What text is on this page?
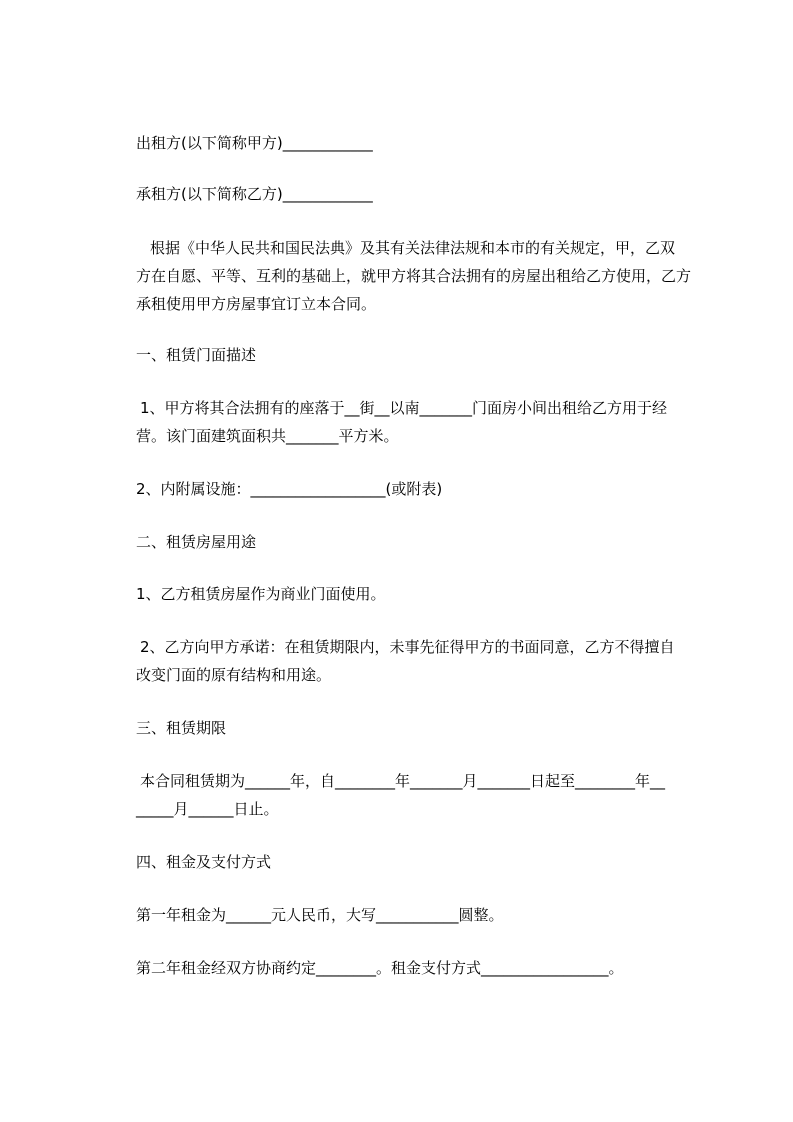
出租方(以下简称甲方)____________
承租方(以下简称乙方)____________
根据《中华人民共和国民法典》及其有关法律法规和本市的有关规定，甲，乙双
方在自愿、平等、互利的基础上，就甲方将其合法拥有的房屋出租给乙方使用，乙方
承租使用甲方房屋事宜订立本合同。
一、租赁门面描述
1、甲方将其合法拥有的座落于__街__以南_______门面房小间出租给乙方用于经
营。该门面建筑面积共_______平方米。
2、内附属设施：__________________(或附表)
二、租赁房屋用途
1、乙方租赁房屋作为商业门面使用。
2、乙方向甲方承诺：在租赁期限内，未事先征得甲方的书面同意，乙方不得擅自
改变门面的原有结构和用途。
三、租赁期限
本合同租赁期为______年，自________年_______月_______日起至________年__
_____月______日止。
四、租金及支付方式
第一年租金为______元人民币，大写___________圆整。
第二年租金经双方协商约定________。租金支付方式_________________。
